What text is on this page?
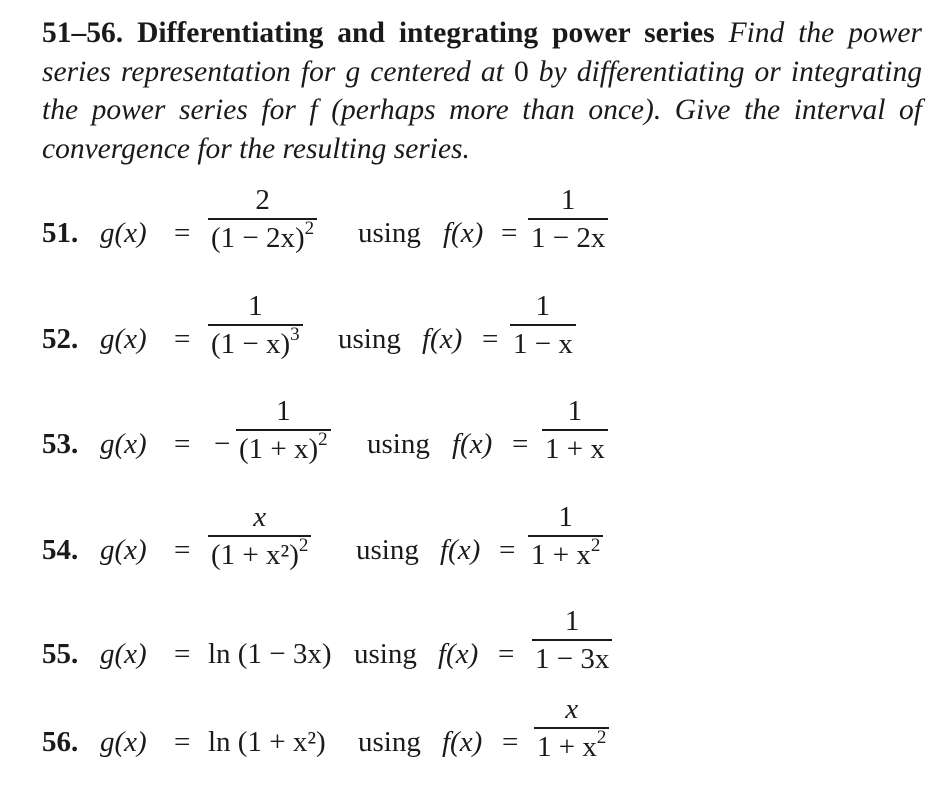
51–56. Differentiating and integrating power series Find the power series representation for g centered at 0 by differentiating or integrating the power series for f (perhaps more than once). Give the interval of convergence for the resulting series.
51. g(x) =
2
$(1 - 2x)^2$ using f(x) =
1
1 − 2x
52. g(x) =
1
$(1 - x)^3$ using f(x) =
1
1 − x
53. g(x) = −
1
$(1 + x)^2$ using f(x) =
1
1 + x
54. g(x) =
x
$(1 + x^2)^2$ using f(x) =
1
$1 + x^2$
55. g(x) = ln (1 − 3x) using f(x) =
1
1 − 3x
56. g(x) = ln (1 + x²) using f(x) =
x
$1 + x^2$
